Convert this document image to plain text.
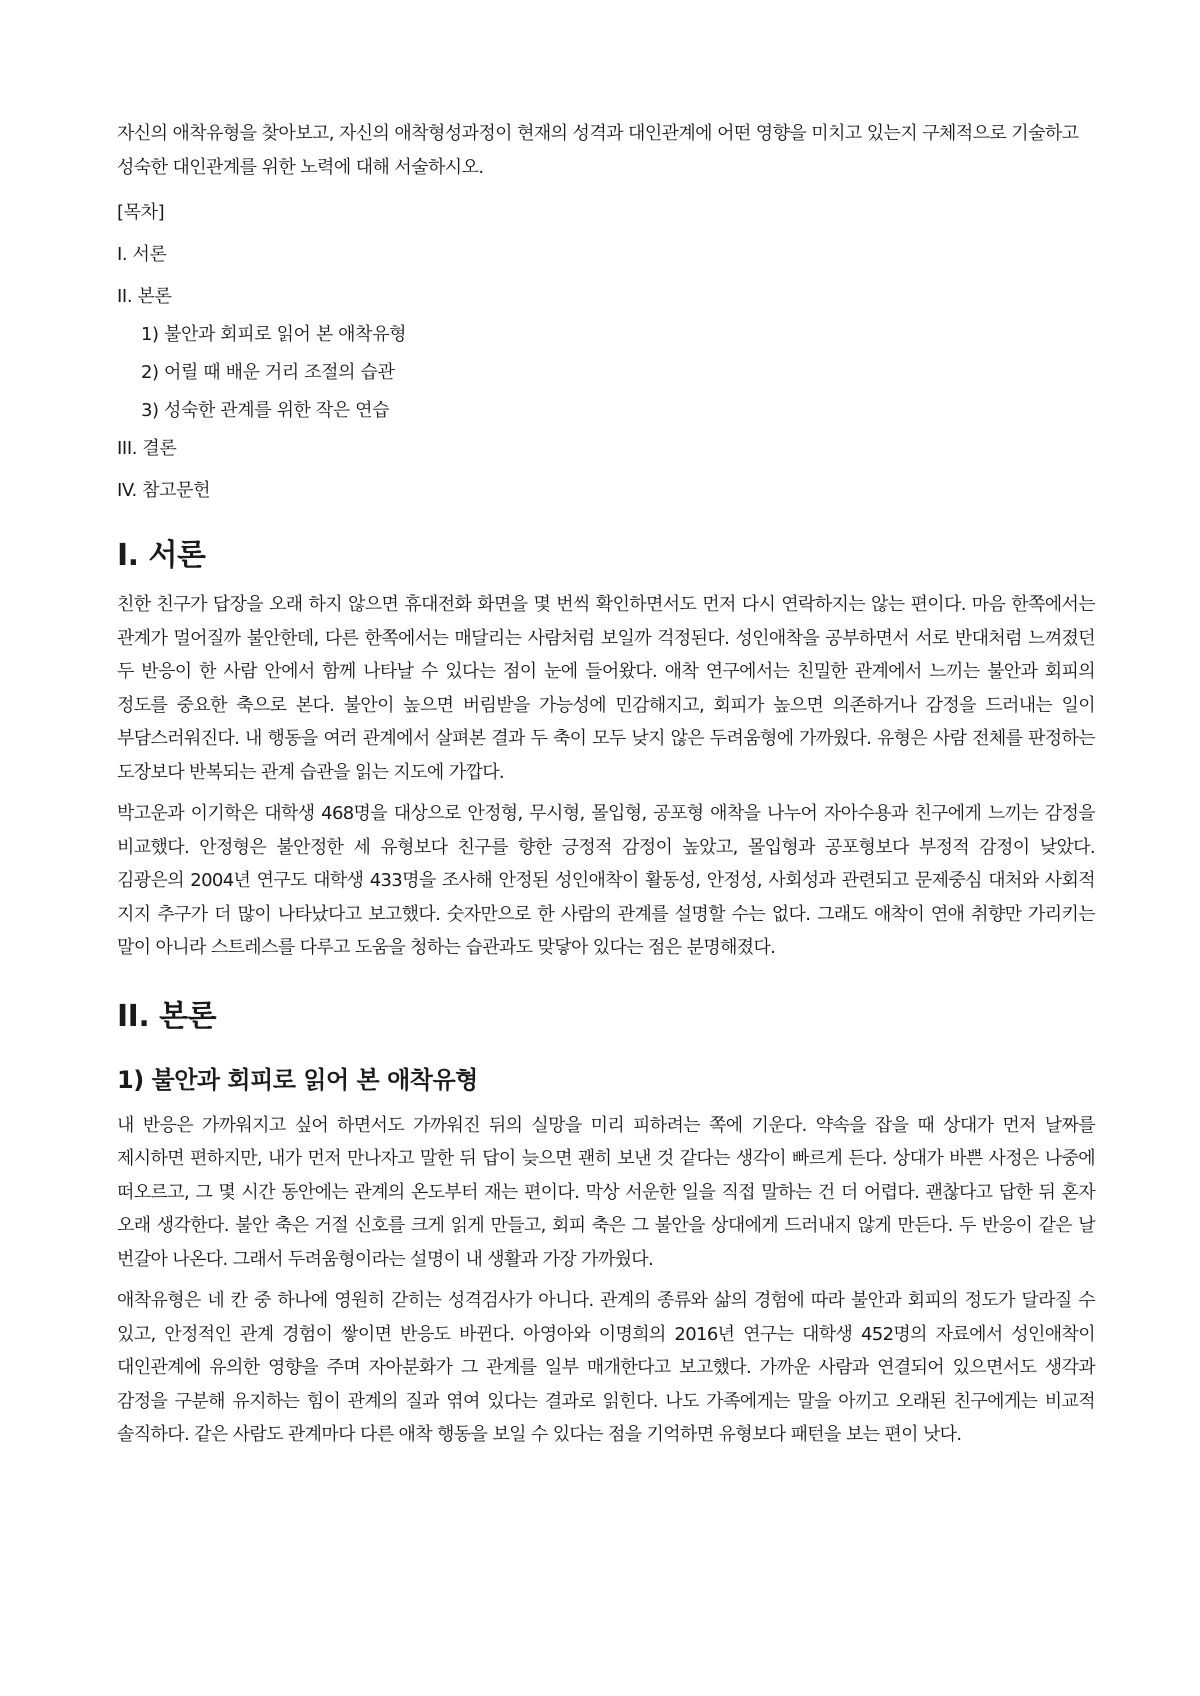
자신의 애착유형을 찾아보고, 자신의 애착형성과정이 현재의 성격과 대인관계에 어떤 영향을 미치고 있는지 구체적으로 기술하고 성숙한 대인관계를 위한 노력에 대해 서술하시오.

[목차]

I. 서론

II. 본론

1) 불안과 회피로 읽어 본 애착유형

2) 어릴 때 배운 거리 조절의 습관

3) 성숙한 관계를 위한 작은 연습

III. 결론

IV. 참고문헌

I. 서론

친한 친구가 답장을 오래 하지 않으면 휴대전화 화면을 몇 번씩 확인하면서도 먼저 다시 연락하지는 않는 편이다. 마음 한쪽에서는 관계가 멀어질까 불안한데, 다른 한쪽에서는 매달리는 사람처럼 보일까 걱정된다. 성인애착을 공부하면서 서로 반대처럼 느껴졌던 두 반응이 한 사람 안에서 함께 나타날 수 있다는 점이 눈에 들어왔다. 애착 연구에서는 친밀한 관계에서 느끼는 불안과 회피의 정도를 중요한 축으로 본다. 불안이 높으면 버림받을 가능성에 민감해지고, 회피가 높으면 의존하거나 감정을 드러내는 일이 부담스러워진다. 내 행동을 여러 관계에서 살펴본 결과 두 축이 모두 낮지 않은 두려움형에 가까웠다. 유형은 사람 전체를 판정하는 도장보다 반복되는 관계 습관을 읽는 지도에 가깝다.

박고운과 이기학은 대학생 468명을 대상으로 안정형, 무시형, 몰입형, 공포형 애착을 나누어 자아수용과 친구에게 느끼는 감정을 비교했다. 안정형은 불안정한 세 유형보다 친구를 향한 긍정적 감정이 높았고, 몰입형과 공포형보다 부정적 감정이 낮았다. 김광은의 2004년 연구도 대학생 433명을 조사해 안정된 성인애착이 활동성, 안정성, 사회성과 관련되고 문제중심 대처와 사회적 지지 추구가 더 많이 나타났다고 보고했다. 숫자만으로 한 사람의 관계를 설명할 수는 없다. 그래도 애착이 연애 취향만 가리키는 말이 아니라 스트레스를 다루고 도움을 청하는 습관과도 맞닿아 있다는 점은 분명해졌다.

II. 본론
1) 불안과 회피로 읽어 본 애착유형

내 반응은 가까워지고 싶어 하면서도 가까워진 뒤의 실망을 미리 피하려는 쪽에 기운다. 약속을 잡을 때 상대가 먼저 날짜를 제시하면 편하지만, 내가 먼저 만나자고 말한 뒤 답이 늦으면 괜히 보낸 것 같다는 생각이 빠르게 든다. 상대가 바쁜 사정은 나중에 떠오르고, 그 몇 시간 동안에는 관계의 온도부터 재는 편이다. 막상 서운한 일을 직접 말하는 건 더 어렵다. 괜찮다고 답한 뒤 혼자 오래 생각한다. 불안 축은 거절 신호를 크게 읽게 만들고, 회피 축은 그 불안을 상대에게 드러내지 않게 만든다. 두 반응이 같은 날 번갈아 나온다. 그래서 두려움형이라는 설명이 내 생활과 가장 가까웠다.

애착유형은 네 칸 중 하나에 영원히 갇히는 성격검사가 아니다. 관계의 종류와 삶의 경험에 따라 불안과 회피의 정도가 달라질 수 있고, 안정적인 관계 경험이 쌓이면 반응도 바뀐다. 아영아와 이명희의 2016년 연구는 대학생 452명의 자료에서 성인애착이 대인관계에 유의한 영향을 주며 자아분화가 그 관계를 일부 매개한다고 보고했다. 가까운 사람과 연결되어 있으면서도 생각과 감정을 구분해 유지하는 힘이 관계의 질과 엮여 있다는 결과로 읽힌다. 나도 가족에게는 말을 아끼고 오래된 친구에게는 비교적 솔직하다. 같은 사람도 관계마다 다른 애착 행동을 보일 수 있다는 점을 기억하면 유형보다 패턴을 보는 편이 낫다.
